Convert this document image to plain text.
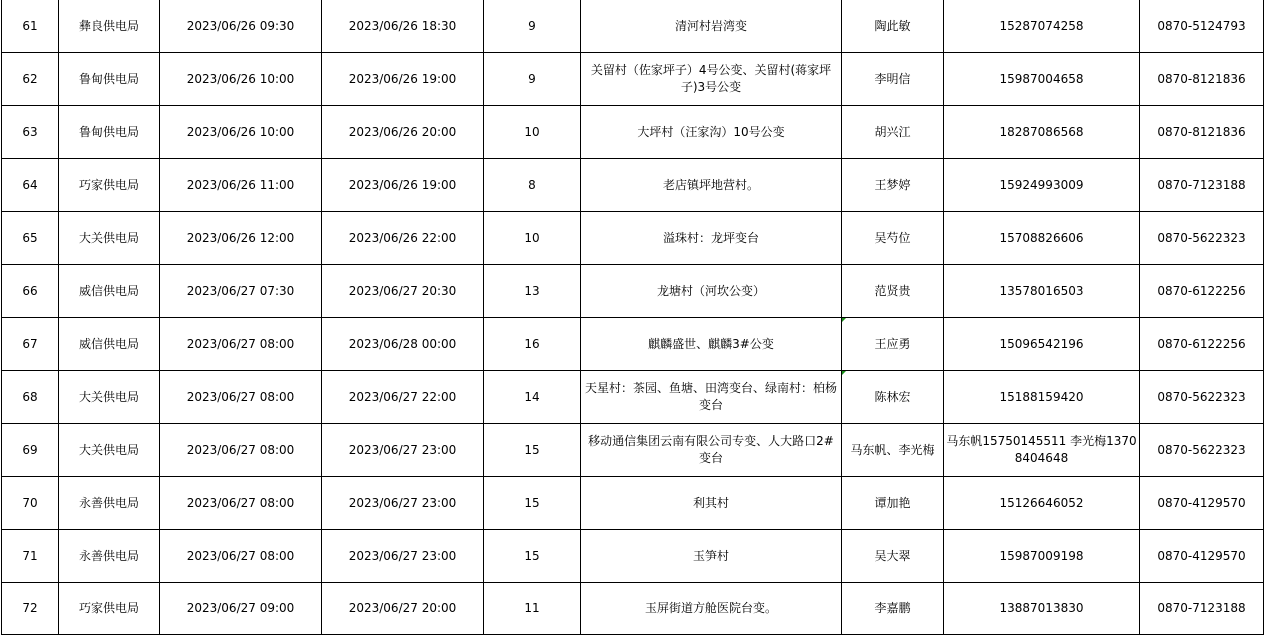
61	彝良供电局	2023/06/26 09:30	2023/06/26 18:30	9	清河村岩湾变	陶此敏	15287074258	0870-5124793
62	鲁甸供电局	2023/06/26 10:00	2023/06/26 19:00	9	关留村（佐家坪子）4号公变、关留村(蒋家坪子)3号公变	李明信	15987004658	0870-8121836
63	鲁甸供电局	2023/06/26 10:00	2023/06/26 20:00	10	大坪村（汪家沟）10号公变	胡兴江	18287086568	0870-8121836
64	巧家供电局	2023/06/26 11:00	2023/06/26 19:00	8	老店镇坪地营村。	王梦婷	15924993009	0870-7123188
65	大关供电局	2023/06/26 12:00	2023/06/26 22:00	10	溢珠村：龙坪变台	吴芍位	15708826606	0870-5622323
66	威信供电局	2023/06/27 07:30	2023/06/27 20:30	13	龙塘村（河坎公变）	范贤贵	13578016503	0870-6122256
67	威信供电局	2023/06/27 08:00	2023/06/28 00:00	16	麒麟盛世、麒麟3#公变	王应勇	15096542196	0870-6122256
68	大关供电局	2023/06/27 08:00	2023/06/27 22:00	14	天星村：茶园、鱼塘、田湾变台、绿南村：柏杨变台	陈林宏	15188159420	0870-5622323
69	大关供电局	2023/06/27 08:00	2023/06/27 23:00	15	移动通信集团云南有限公司专变、人大路口2#变台	马东帆、李光梅	马东帆15750145511 李光梅13708404648	0870-5622323
70	永善供电局	2023/06/27 08:00	2023/06/27 23:00	15	利其村	谭加艳	15126646052	0870-4129570
71	永善供电局	2023/06/27 08:00	2023/06/27 23:00	15	玉笋村	吴大翠	15987009198	0870-4129570
72	巧家供电局	2023/06/27 09:00	2023/06/27 20:00	11	玉屏街道方舱医院台变。	李嘉鹏	13887013830	0870-7123188
